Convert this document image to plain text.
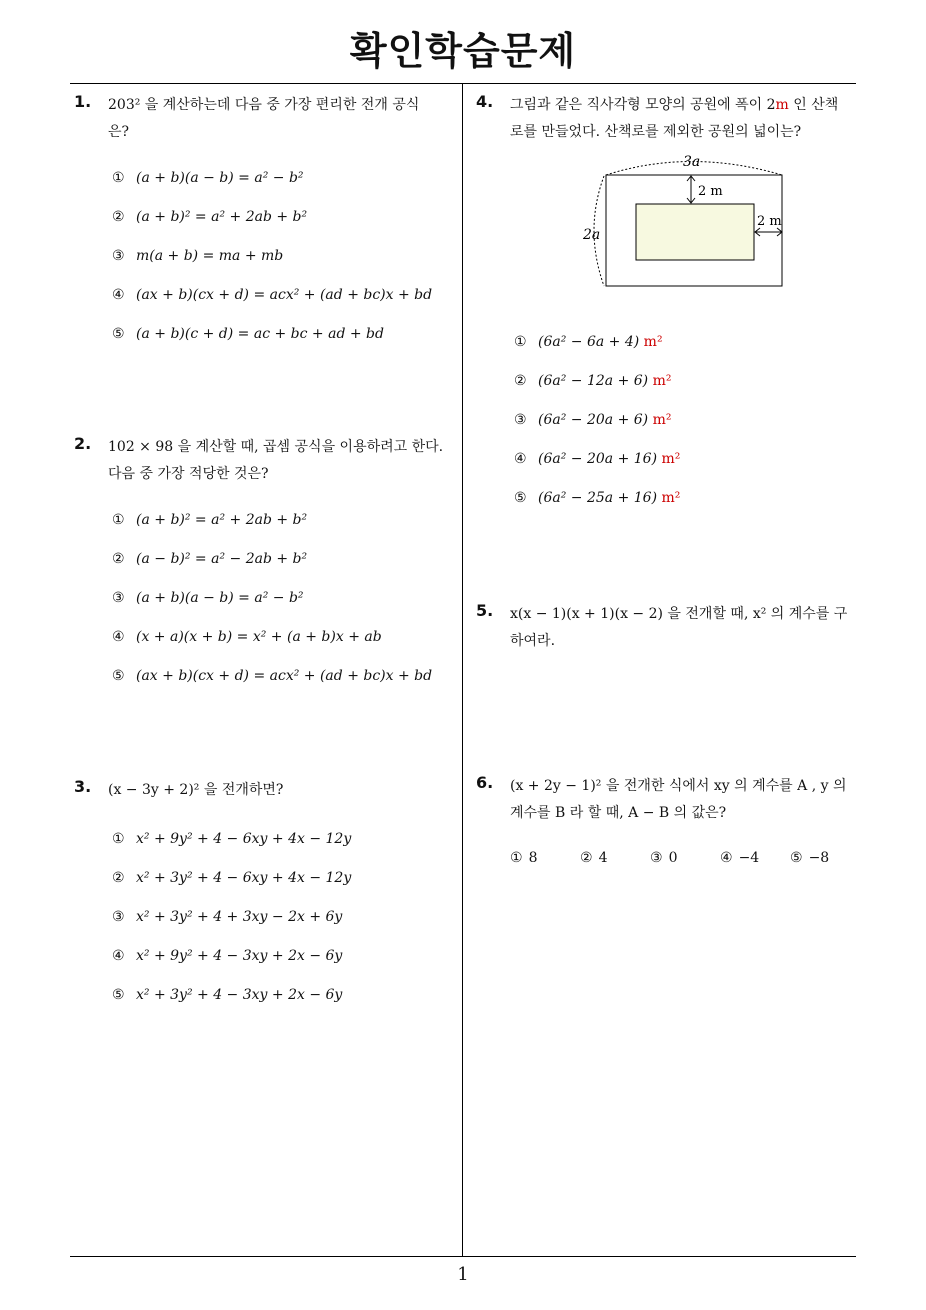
확인학습문제
1
1. 203² 을 계산하는데 다음 중 가장 편리한 전개 공식
은?
① (a + b)(a − b) = a² − b²
② (a + b)² = a² + 2ab + b²
③ m(a + b) = ma + mb
④ (ax + b)(cx + d) = acx² + (ad + bc)x + bd
⑤ (a + b)(c + d) = ac + bc + ad + bd
2. 102 × 98 을 계산할 때, 곱셈 공식을 이용하려고 한다.
다음 중 가장 적당한 것은?
① (a + b)² = a² + 2ab + b²
② (a − b)² = a² − 2ab + b²
③ (a + b)(a − b) = a² − b²
④ (x + a)(x + b) = x² + (a + b)x + ab
⑤ (ax + b)(cx + d) = acx² + (ad + bc)x + bd
3. (x − 3y + 2)² 을 전개하면?
① x² + 9y² + 4 − 6xy + 4x − 12y
② x² + 3y² + 4 − 6xy + 4x − 12y
③ x² + 3y² + 4 + 3xy − 2x + 6y
④ x² + 9y² + 4 − 3xy + 2x − 6y
⑤ x² + 3y² + 4 − 3xy + 2x − 6y
4. 그림과 같은 직사각형 모양의 공원에 폭이 2m 인 산책
로를 만들었다. 산책로를 제외한 공원의 넓이는?
① (6a² − 6a + 4)
m²
② (6a² − 12a + 6)
m²
③ (6a² − 20a + 6)
m²
④ (6a² − 20a + 16)
m²
⑤ (6a² − 25a + 16)
m²
3a
2a
2 m
2 m
5. x(x − 1)(x + 1)(x − 2) 을 전개할 때, x² 의 계수를 구
하여라.
6. (x + 2y − 1)² 을 전개한 식에서 xy 의 계수를 A , y 의
계수를 B 라 할 때, A − B 의 값은?
① 8	② 4	③ 0	④ −4	⑤ −8
